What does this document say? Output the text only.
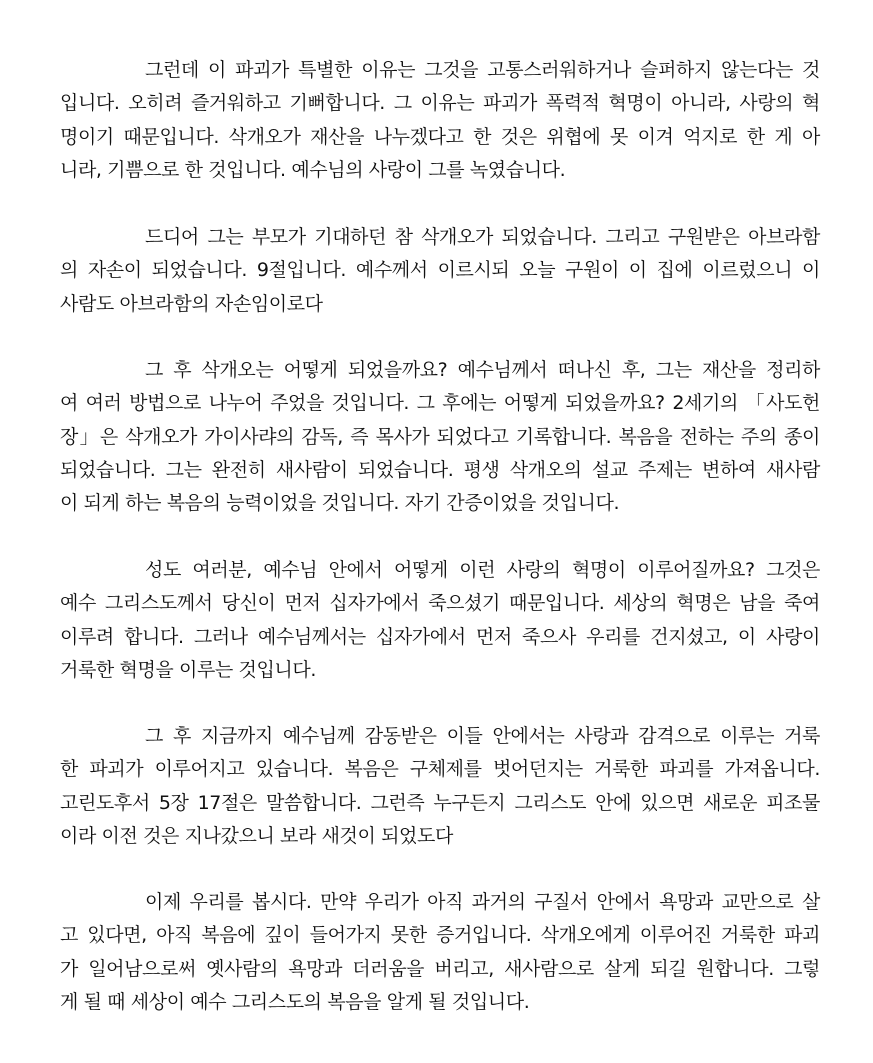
그런데 이 파괴가 특별한 이유는 그것을 고통스러워하거나 슬퍼하지 않는다는 것
입니다. 오히려 즐거워하고 기뻐합니다. 그 이유는 파괴가 폭력적 혁명이 아니라, 사랑의 혁
명이기 때문입니다. 삭개오가 재산을 나누겠다고 한 것은 위협에 못 이겨 억지로 한 게 아
니라, 기쁨으로 한 것입니다. 예수님의 사랑이 그를 녹였습니다.
드디어 그는 부모가 기대하던 참 삭개오가 되었습니다. 그리고 구원받은 아브라함
의 자손이 되었습니다. 9절입니다. 예수께서 이르시되 오늘 구원이 이 집에 이르렀으니 이
사람도 아브라함의 자손임이로다
그 후 삭개오는 어떻게 되었을까요? 예수님께서 떠나신 후, 그는 재산을 정리하
여 여러 방법으로 나누어 주었을 것입니다. 그 후에는 어떻게 되었을까요? 2세기의 「사도헌
장」은 삭개오가 가이사랴의 감독, 즉 목사가 되었다고 기록합니다. 복음을 전하는 주의 종이
되었습니다. 그는 완전히 새사람이 되었습니다. 평생 삭개오의 설교 주제는 변하여 새사람
이 되게 하는 복음의 능력이었을 것입니다. 자기 간증이었을 것입니다.
성도 여러분, 예수님 안에서 어떻게 이런 사랑의 혁명이 이루어질까요? 그것은
예수 그리스도께서 당신이 먼저 십자가에서 죽으셨기 때문입니다. 세상의 혁명은 남을 죽여
이루려 합니다. 그러나 예수님께서는 십자가에서 먼저 죽으사 우리를 건지셨고, 이 사랑이
거룩한 혁명을 이루는 것입니다.
그 후 지금까지 예수님께 감동받은 이들 안에서는 사랑과 감격으로 이루는 거룩
한 파괴가 이루어지고 있습니다. 복음은 구체제를 벗어던지는 거룩한 파괴를 가져옵니다.
고린도후서 5장 17절은 말씀합니다. 그런즉 누구든지 그리스도 안에 있으면 새로운 피조물
이라 이전 것은 지나갔으니 보라 새것이 되었도다
이제 우리를 봅시다. 만약 우리가 아직 과거의 구질서 안에서 욕망과 교만으로 살
고 있다면, 아직 복음에 깊이 들어가지 못한 증거입니다. 삭개오에게 이루어진 거룩한 파괴
가 일어남으로써 옛사람의 욕망과 더러움을 버리고, 새사람으로 살게 되길 원합니다. 그렇
게 될 때 세상이 예수 그리스도의 복음을 알게 될 것입니다.
